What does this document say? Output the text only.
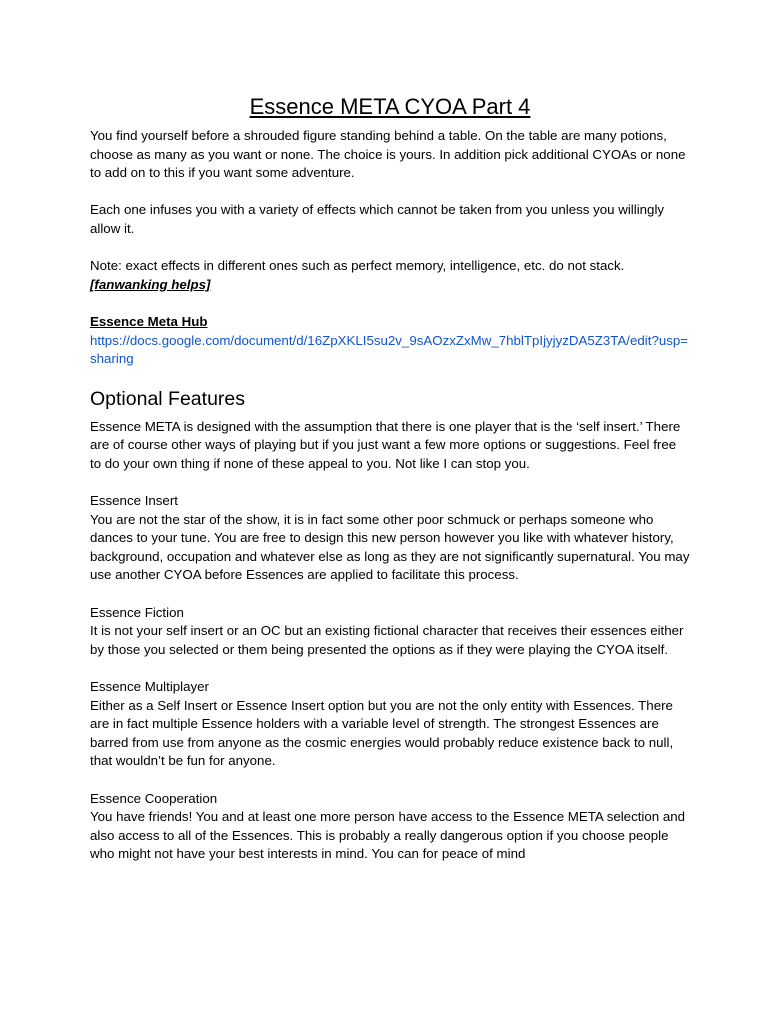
Essence META CYOA Part 4

You find yourself before a shrouded figure standing behind a table. On the table are many potions, choose as many as you want or none. The choice is yours. In addition pick additional CYOAs or none to add on to this if you want some adventure.

Each one infuses you with a variety of effects which cannot be taken from you unless you willingly allow it.

Note: exact effects in different ones such as perfect memory, intelligence, etc. do not stack.
[fanwanking helps]

Essence Meta Hub

https://docs.google.com/document/d/16ZpXKLI5su2v_9sAOzxZxMw_7hblTpIjyjyzDA5Z3TA/edit?usp=sharing

Optional Features

Essence META is designed with the assumption that there is one player that is the ‘self insert.’ There are of course other ways of playing but if you just want a few more options or suggestions. Feel free to do your own thing if none of these appeal to you. Not like I can stop you.

Essence Insert

You are not the star of the show, it is in fact some other poor schmuck or perhaps someone who dances to your tune. You are free to design this new person however you like with whatever history, background, occupation and whatever else as long as they are not significantly supernatural. You may use another CYOA before Essences are applied to facilitate this process.

Essence Fiction

It is not your self insert or an OC but an existing fictional character that receives their essences either by those you selected or them being presented the options as if they were playing the CYOA itself.

Essence Multiplayer

Either as a Self Insert or Essence Insert option but you are not the only entity with Essences. There are in fact multiple Essence holders with a variable level of strength. The strongest Essences are barred from use from anyone as the cosmic energies would probably reduce existence back to null, that wouldn’t be fun for anyone.

Essence Cooperation

You have friends! You and at least one more person have access to the Essence META selection and also access to all of the Essences. This is probably a really dangerous option if you choose people who might not have your best interests in mind. You can for peace of mind
